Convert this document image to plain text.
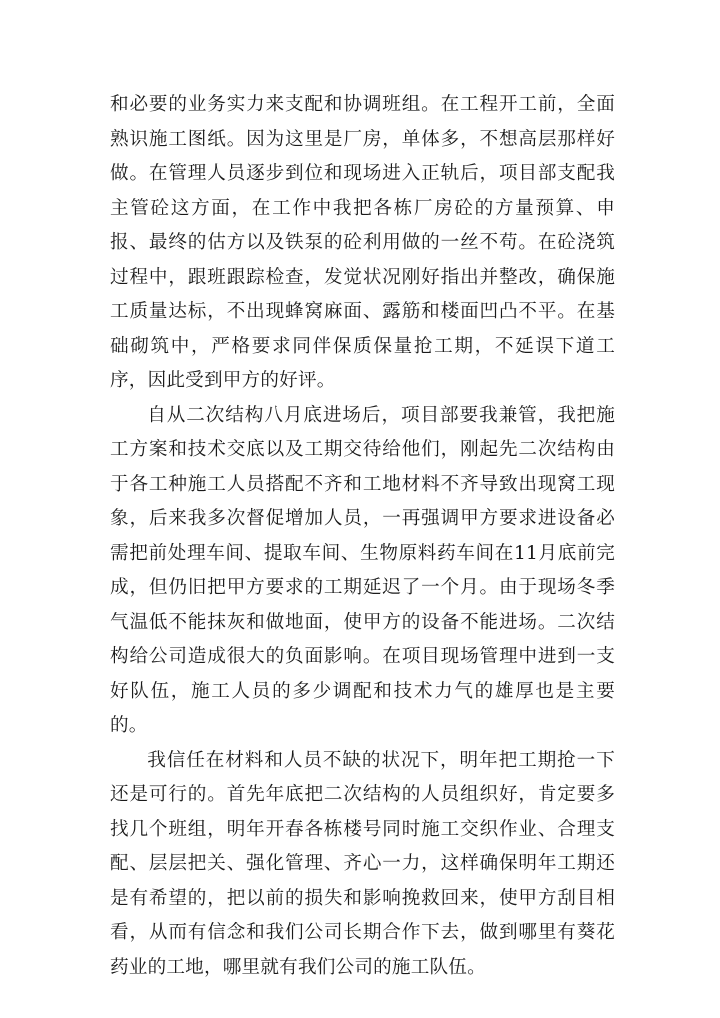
和必要的业务实力来支配和协调班组。在工程开工前，全面熟识施工图纸。因为这里是厂房，单体多，不想高层那样好做。在管理人员逐步到位和现场进入正轨后，项目部支配我主管砼这方面，在工作中我把各栋厂房砼的方量预算、申报、最终的估方以及铁泵的砼利用做的一丝不苟。在砼浇筑过程中，跟班跟踪检查，发觉状况刚好指出并整改，确保施工质量达标，不出现蜂窝麻面、露筋和楼面凹凸不平。在基础砌筑中，严格要求同伴保质保量抢工期，不延误下道工序，因此受到甲方的好评。

自从二次结构八月底进场后，项目部要我兼管，我把施工方案和技术交底以及工期交待给他们，刚起先二次结构由于各工种施工人员搭配不齐和工地材料不齐导致出现窝工现象，后来我多次督促增加人员，一再强调甲方要求进设备必需把前处理车间、提取车间、生物原料药车间在11月底前完成，但仍旧把甲方要求的工期延迟了一个月。由于现场冬季气温低不能抹灰和做地面，使甲方的设备不能进场。二次结构给公司造成很大的负面影响。在项目现场管理中进到一支好队伍，施工人员的多少调配和技术力气的雄厚也是主要的。

我信任在材料和人员不缺的状况下，明年把工期抢一下还是可行的。首先年底把二次结构的人员组织好，肯定要多找几个班组，明年开春各栋楼号同时施工交织作业、合理支配、层层把关、强化管理、齐心一力，这样确保明年工期还是有希望的，把以前的损失和影响挽救回来，使甲方刮目相看，从而有信念和我们公司长期合作下去，做到哪里有葵花药业的工地，哪里就有我们公司的施工队伍。
